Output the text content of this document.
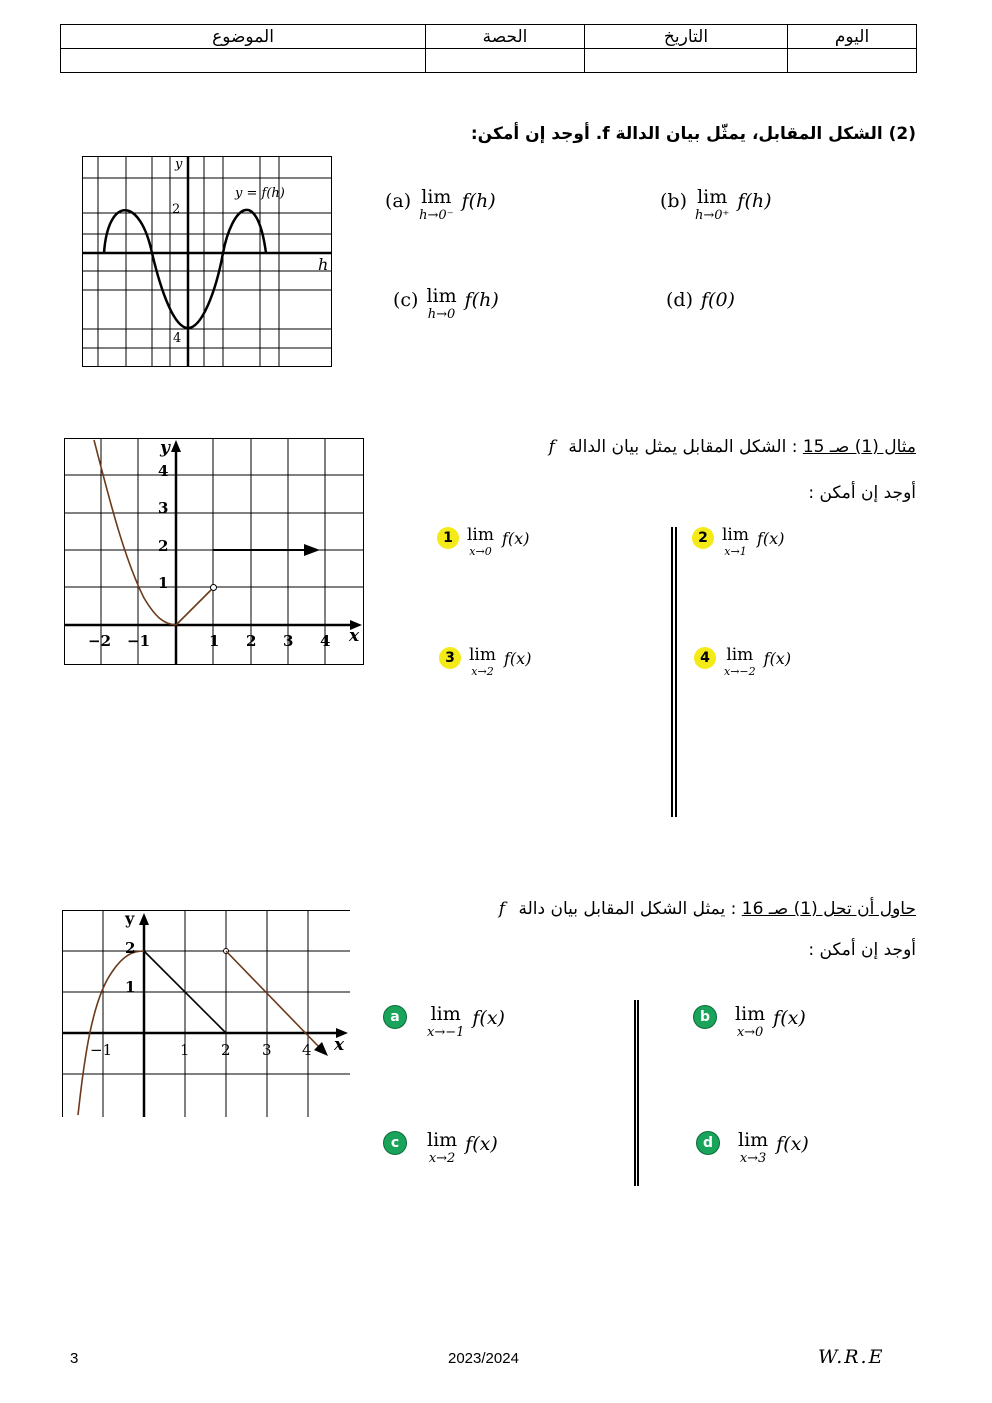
اليوم	التاريخ	الحصة	الموضوع

(2) الشكل المقابل، يمثّل بيان الدالة f. أوجد إن أمكن:
y
h
2
4
y = f(h)	(a) lim
h→0⁻
f(h)	(b) lim
h→0⁺
f(h)
(c) lim
h→0
f(h)	(d) f(0)
مثال (1) صـ 15 : الشكل المقابل يمثل بيان الدالة f
أوجد إن أمكن :
y
x
4
3
2
1
−2 −1	1 2 3 4
1 lim
x→0
f(x)	2 lim
x→1
f(x)
3 lim
x→2
f(x)	4 lim
x→−2
f(x)
حاول أن تحل (1) صـ 16 : يمثل الشكل المقابل بيان دالة f
أوجد إن أمكن :
y
x
2
1
−1	1 2 3 4
a	lim
x→−1
f(x)	b	lim
x→0
f(x)
c	lim
x→2
f(x)	d	lim
x→3
f(x)
3	2023/2024	W.R.E
